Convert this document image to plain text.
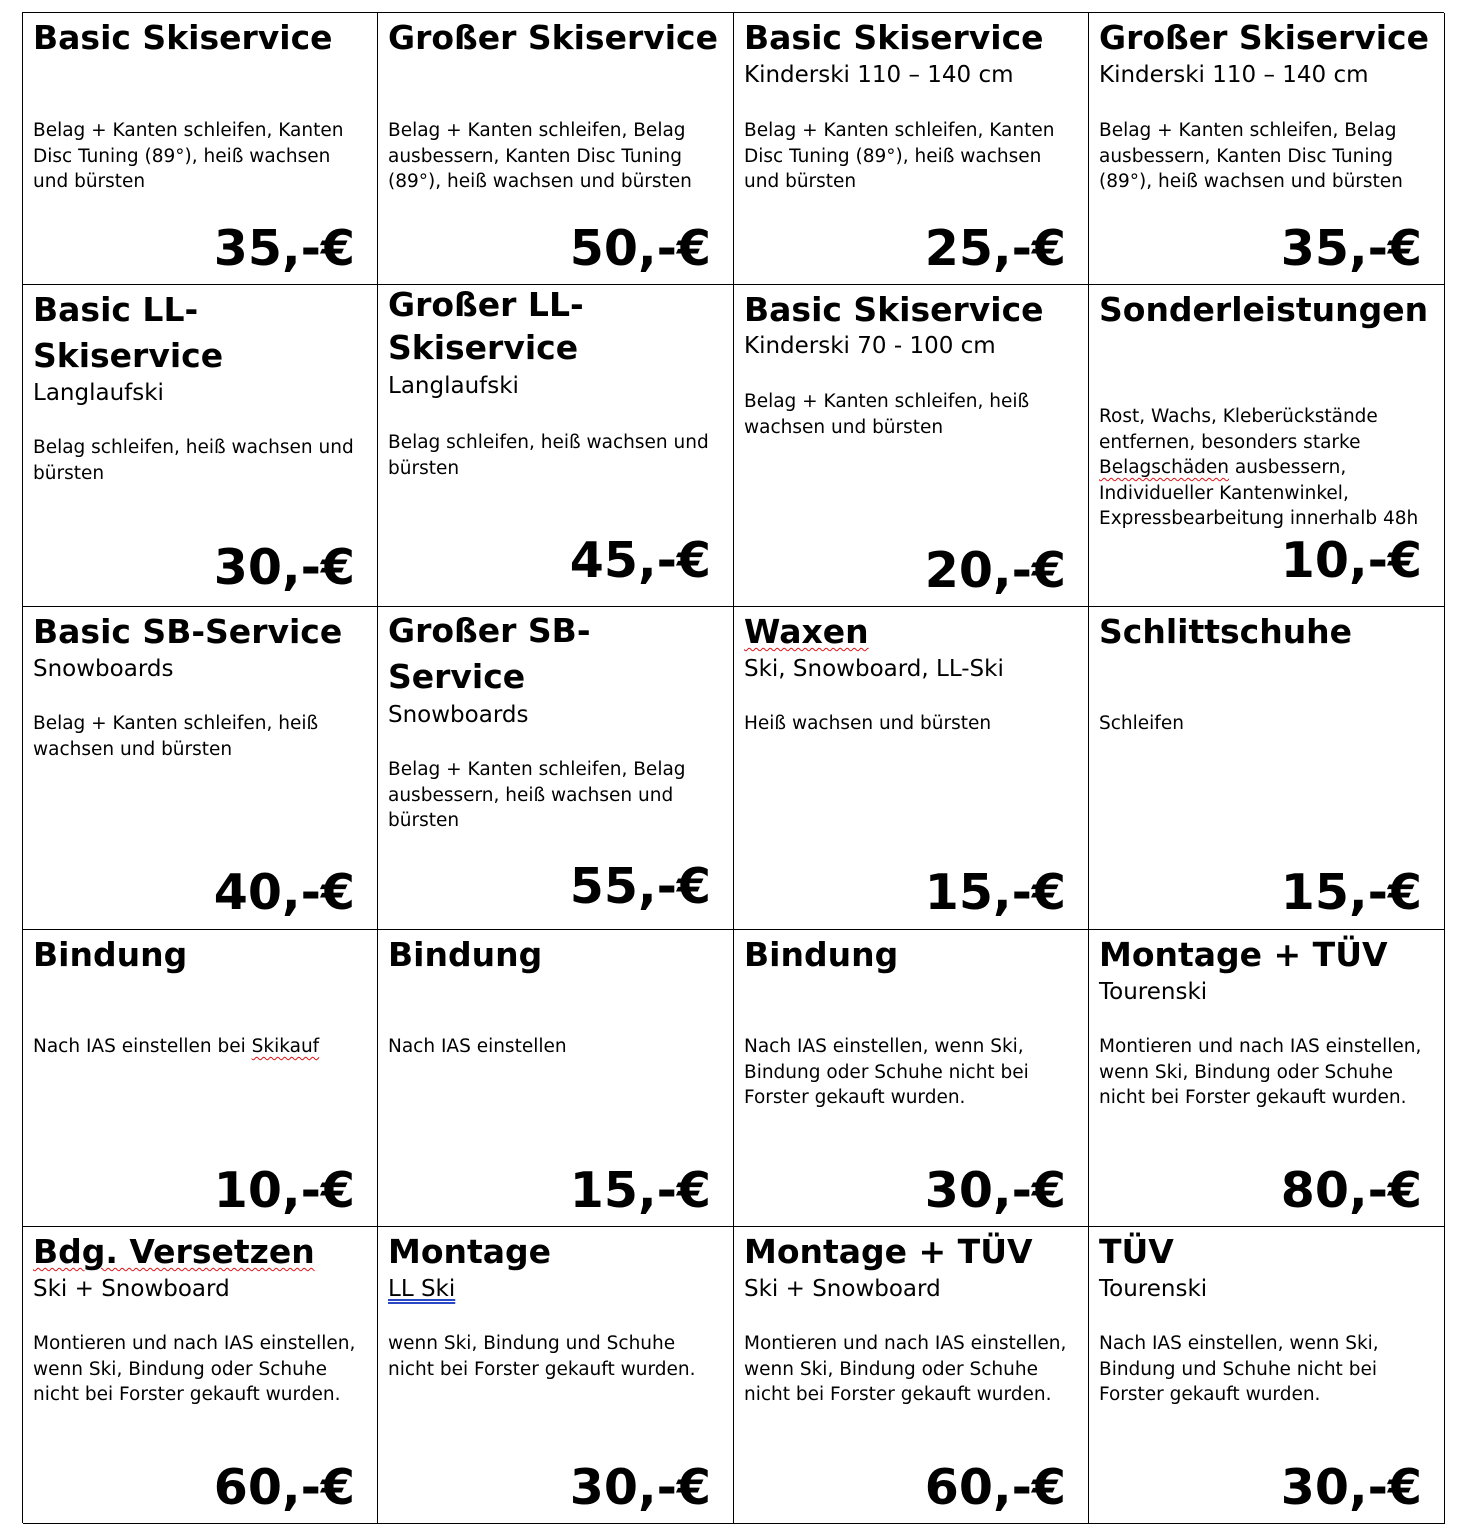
Basic Skiservice
Belag + Kanten schleifen, Kanten Disc Tuning (89°), heiß wachsen und bürsten
35,-€
Großer Skiservice
Belag + Kanten schleifen, Belag ausbessern, Kanten Disc Tuning (89°), heiß wachsen und bürsten
50,-€
Basic Skiservice
Kinderski 110 – 140 cm
Belag + Kanten schleifen, Kanten Disc Tuning (89°), heiß wachsen und bürsten
25,-€
Großer Skiservice
Kinderski 110 – 140 cm
Belag + Kanten schleifen, Belag ausbessern, Kanten Disc Tuning (89°), heiß wachsen und bürsten
35,-€
Basic LL-Skiservice
Langlaufski
Belag schleifen, heiß wachsen und bürsten
30,-€
Großer LL-Skiservice
Langlaufski
Belag schleifen, heiß wachsen und bürsten
45,-€
Basic Skiservice
Kinderski 70 - 100 cm
Belag + Kanten schleifen, heiß wachsen und bürsten
20,-€
Sonderleistungen
Rost, Wachs, Kleberückstände entfernen, besonders starke Belagschäden ausbessern, Individueller Kantenwinkel, Expressbearbeitung innerhalb 48h
10,-€
Basic SB-Service
Snowboards
Belag + Kanten schleifen, heiß wachsen und bürsten
40,-€
Großer SB-Service
Snowboards
Belag + Kanten schleifen, Belag ausbessern, heiß wachsen und bürsten
55,-€
Waxen
Ski, Snowboard, LL-Ski
Heiß wachsen und bürsten
15,-€
Schlittschuhe
Schleifen
15,-€
Bindung
Nach IAS einstellen bei Skikauf
10,-€
Bindung
Nach IAS einstellen
15,-€
Bindung
Nach IAS einstellen, wenn Ski, Bindung oder Schuhe nicht bei Forster gekauft wurden.
30,-€
Montage + TÜV
Tourenski
Montieren und nach IAS einstellen, wenn Ski, Bindung oder Schuhe nicht bei Forster gekauft wurden.
80,-€
Bdg. Versetzen
Ski + Snowboard
Montieren und nach IAS einstellen, wenn Ski, Bindung oder Schuhe nicht bei Forster gekauft wurden.
60,-€
Montage
LL Ski
wenn Ski, Bindung und Schuhe nicht bei Forster gekauft wurden.
30,-€
Montage + TÜV
Ski + Snowboard
Montieren und nach IAS einstellen, wenn Ski, Bindung oder Schuhe nicht bei Forster gekauft wurden.
60,-€
TÜV
Tourenski
Nach IAS einstellen, wenn Ski, Bindung und Schuhe nicht bei Forster gekauft wurden.
30,-€
